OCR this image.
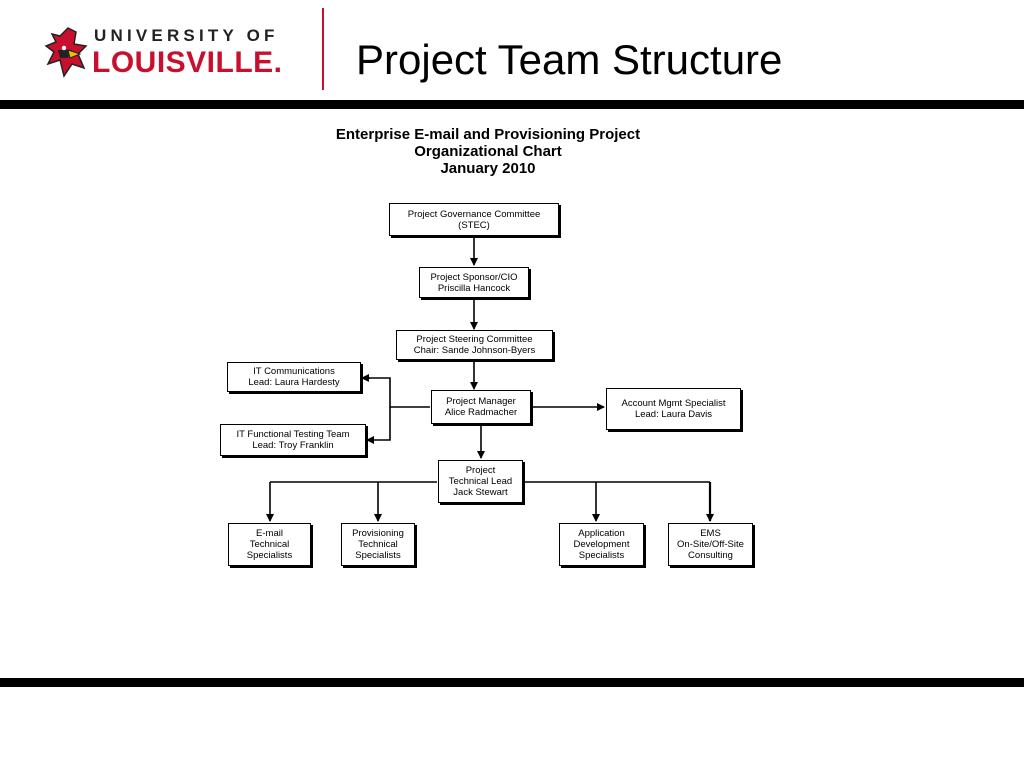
UNIVERSITY OF
LOUISVILLE. Project Team Structure
Enterprise E-mail and Provisioning Project
Organizational Chart
January 2010
Project Governance Committee
(STEC)
Project Sponsor/CIO
Priscilla Hancock
Project Steering Committee
Chair: Sande Johnson-Byers
IT Communications
Lead: Laura Hardesty
Project Manager
Alice Radmacher
Account Mgmt Specialist
Lead: Laura Davis
IT Functional Testing Team
Lead: Troy Franklin
Project
Technical Lead
Jack Stewart
E-mail
Technical
Specialists
Provisioning
Technical
Specialists
Application
Development
Specialists
EMS
On-Site/Off-Site
Consulting
